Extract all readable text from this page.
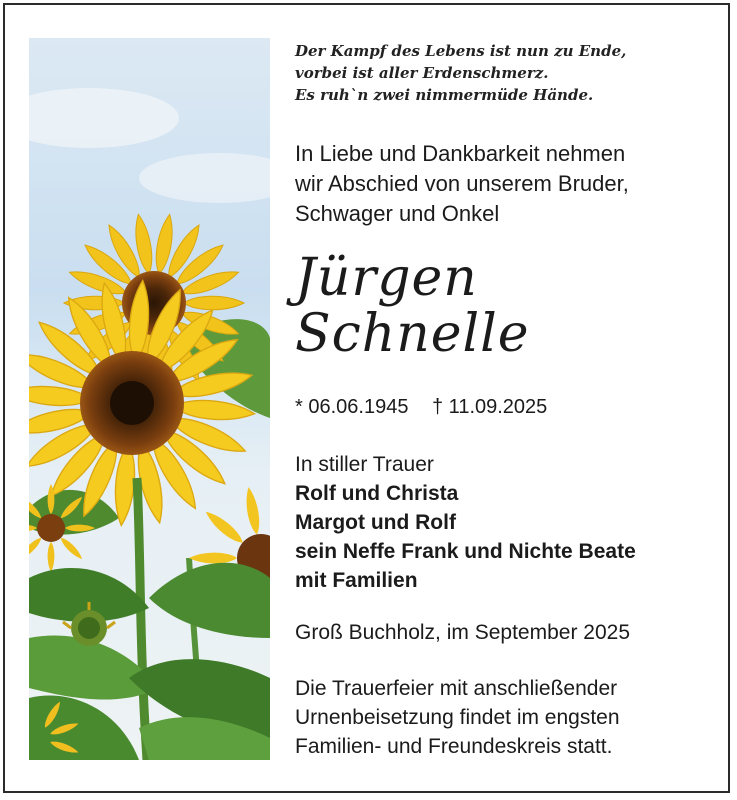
Der Kampf des Lebens ist nun zu Ende,
vorbei ist aller Erdenschmerz.
Es ruh`n zwei nimmermüde Hände.
In Liebe und Dankbarkeit nehmen
wir Abschied von unserem Bruder,
Schwager und Onkel
Jürgen
Schnelle
* 06.06.1945 † 11.09.2025
In stiller Trauer
Rolf und Christa
Margot und Rolf
sein Neffe Frank und Nichte Beate
mit Familien
Groß Buchholz, im September 2025
Die Trauerfeier mit anschließender
Urnenbeisetzung findet im engsten
Familien- und Freundeskreis statt.
